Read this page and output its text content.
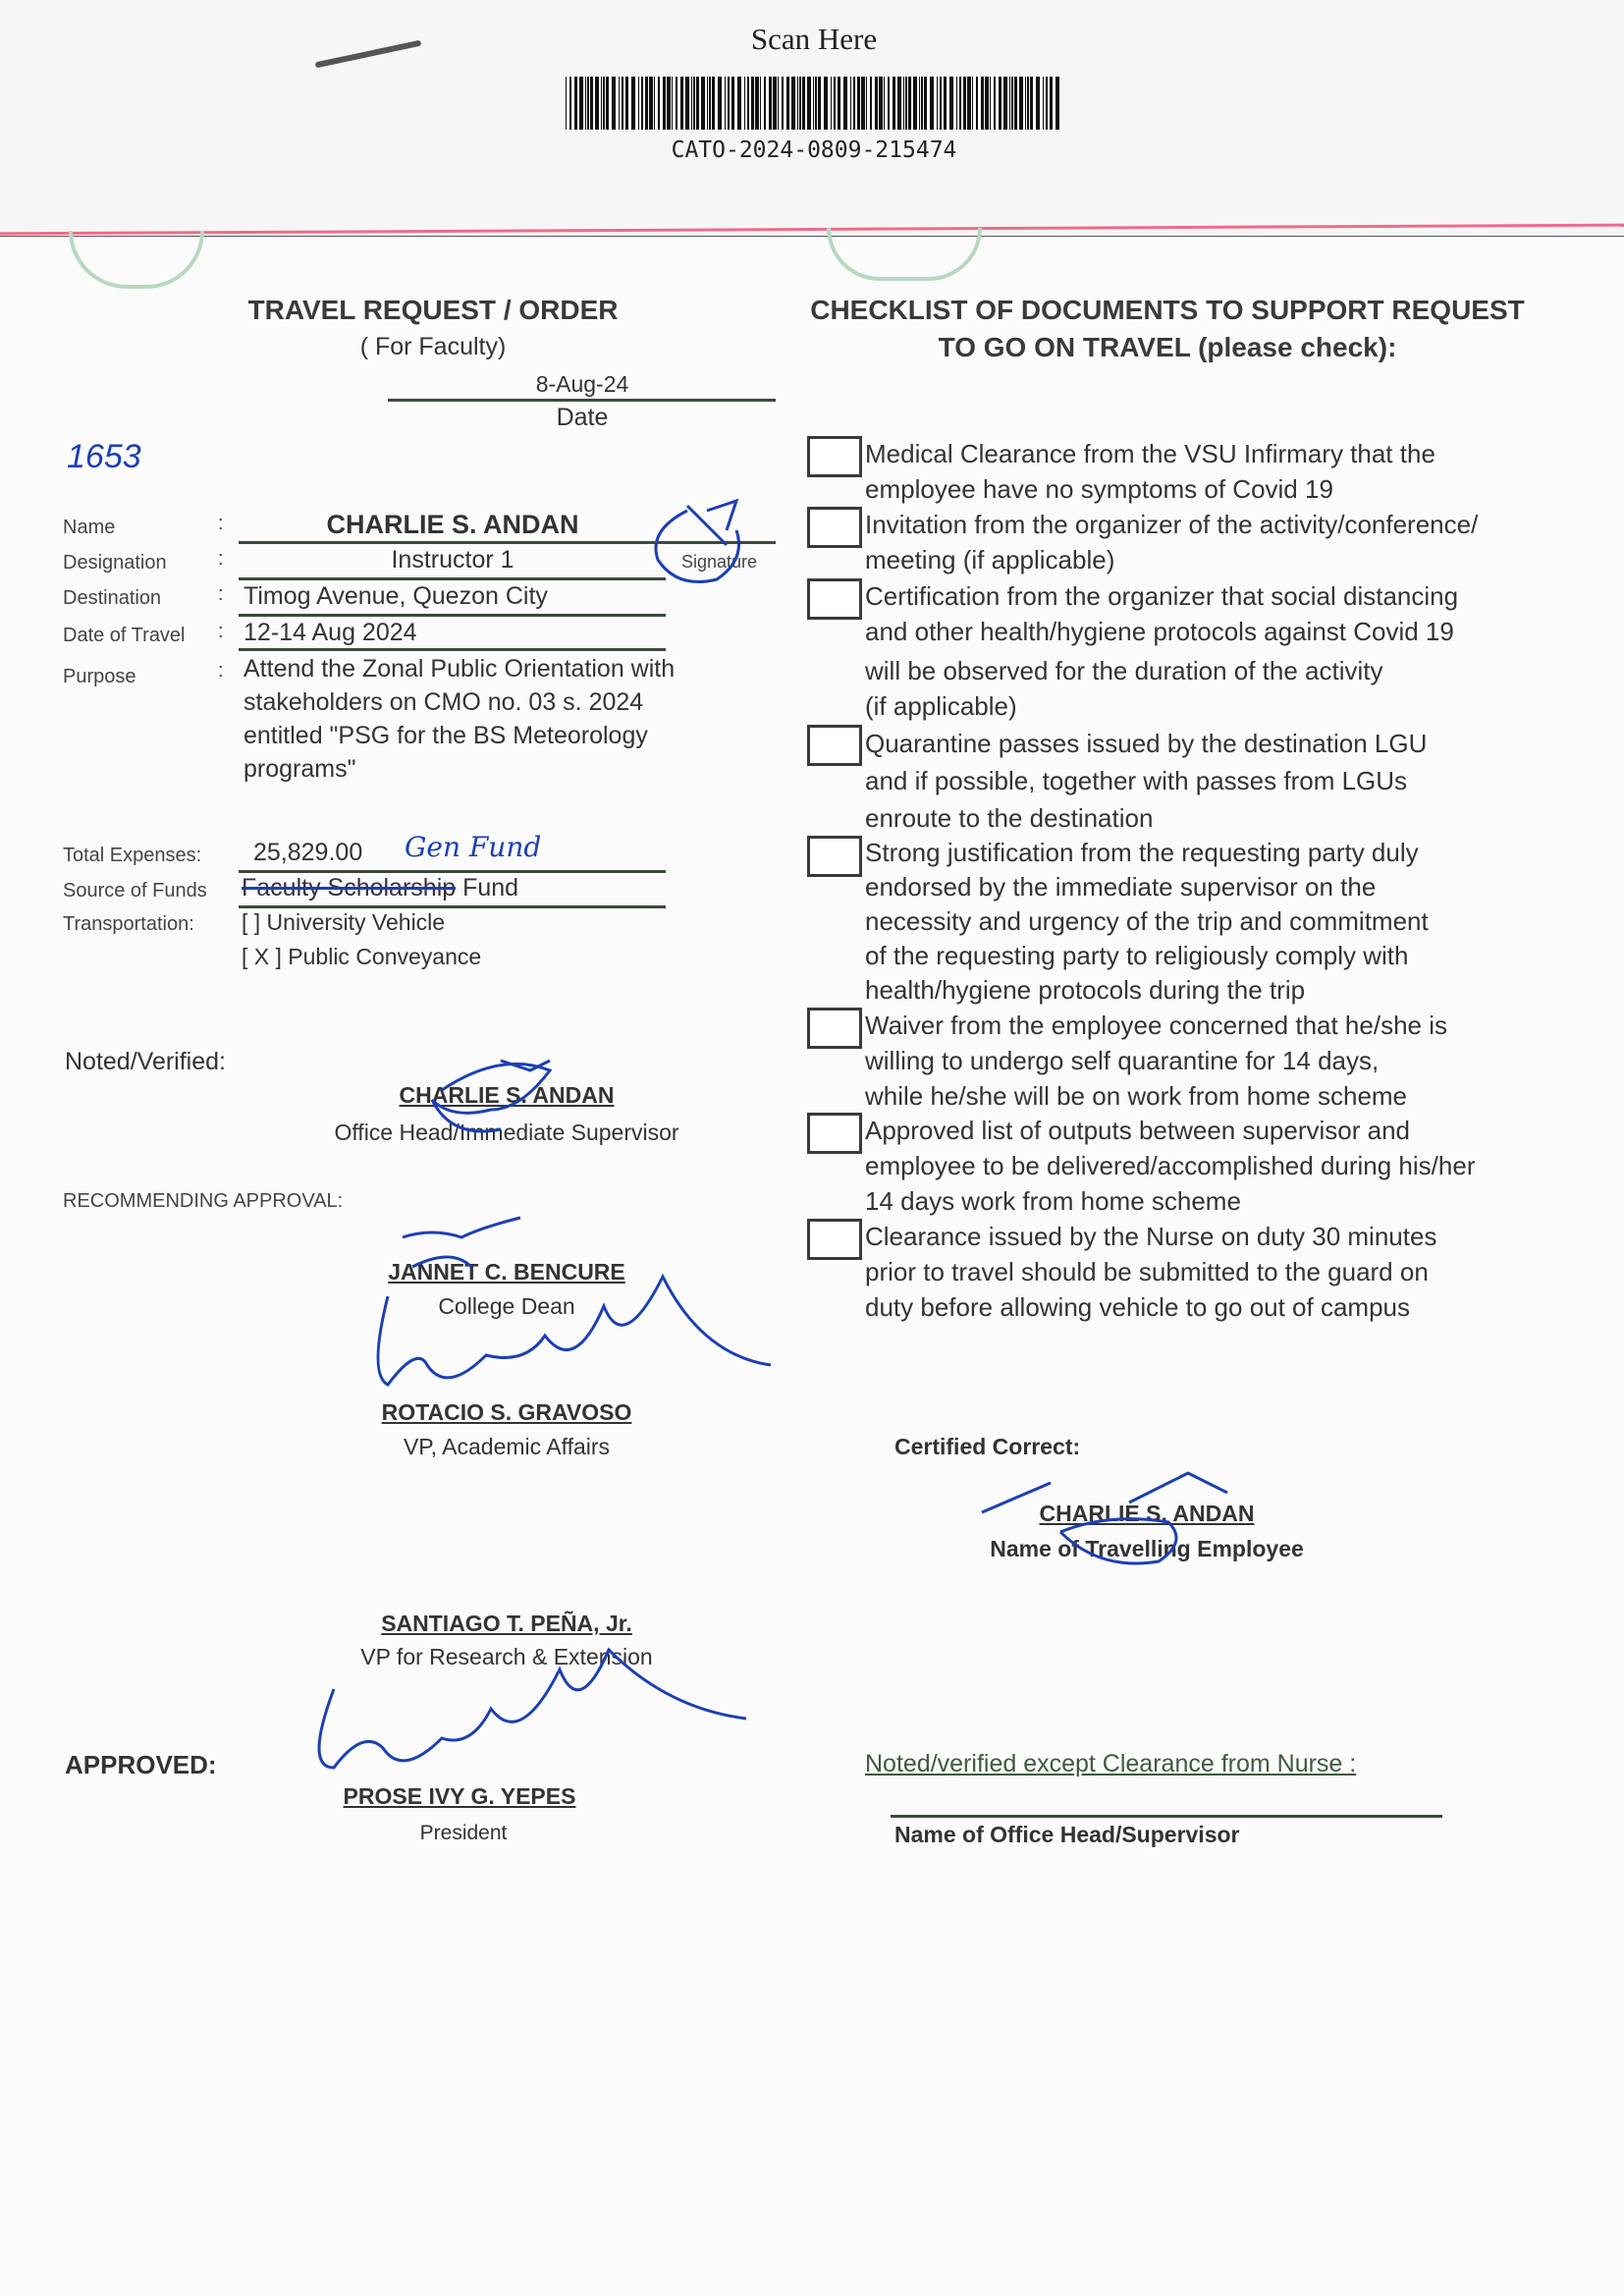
Scan Here
CATO-2024-0809-215474
TRAVEL REQUEST / ORDER
( For Faculty)
8-Aug-24
Date
1653
Name	:	CHARLIE S. ANDAN
Signature
Designation	:	Instructor 1
Destination	: Timog Avenue, Quezon City
Date of Travel : 12-14 Aug 2024
Purpose	: Attend the Zonal Public Orientation with
stakeholders on CMO no. 03 s. 2024
entitled "PSG for the BS Meteorology
programs"
Total Expenses: 25,829.00 Gen Fund
Source of Funds Faculty Scholarship Fund
Transportation: [ ] University Vehicle
[ X ] Public Conveyance
Noted/Verified:
CHARLIE S. ANDAN
Office Head/Immediate Supervisor
RECOMMENDING APPROVAL:
JANNET C. BENCURE
College Dean
ROTACIO S. GRAVOSO
VP, Academic Affairs
SANTIAGO T. PEÑA, Jr.
VP for Research & Extension
APPROVED:
PROSE IVY G. YEPES
President
CHECKLIST OF DOCUMENTS TO SUPPORT REQUEST
TO GO ON TRAVEL (please check):
Medical Clearance from the VSU Infirmary that the
employee have no symptoms of Covid 19
Invitation from the organizer of the activity/conference/
meeting (if applicable)
Certification from the organizer that social distancing
and other health/hygiene protocols against Covid 19
will be observed for the duration of the activity
(if applicable)
Quarantine passes issued by the destination LGU
and if possible, together with passes from LGUs
enroute to the destination
Strong justification from the requesting party duly
endorsed by the immediate supervisor on the
necessity and urgency of the trip and commitment
of the requesting party to religiously comply with
health/hygiene protocols during the trip
Waiver from the employee concerned that he/she is
willing to undergo self quarantine for 14 days,
while he/she will be on work from home scheme
Approved list of outputs between supervisor and
employee to be delivered/accomplished during his/her
14 days work from home scheme
Clearance issued by the Nurse on duty 30 minutes
prior to travel should be submitted to the guard on
duty before allowing vehicle to go out of campus
Certified Correct:
CHARLIE S. ANDAN
Name of Travelling Employee
Noted/verified except Clearance from Nurse :
Name of Office Head/Supervisor
